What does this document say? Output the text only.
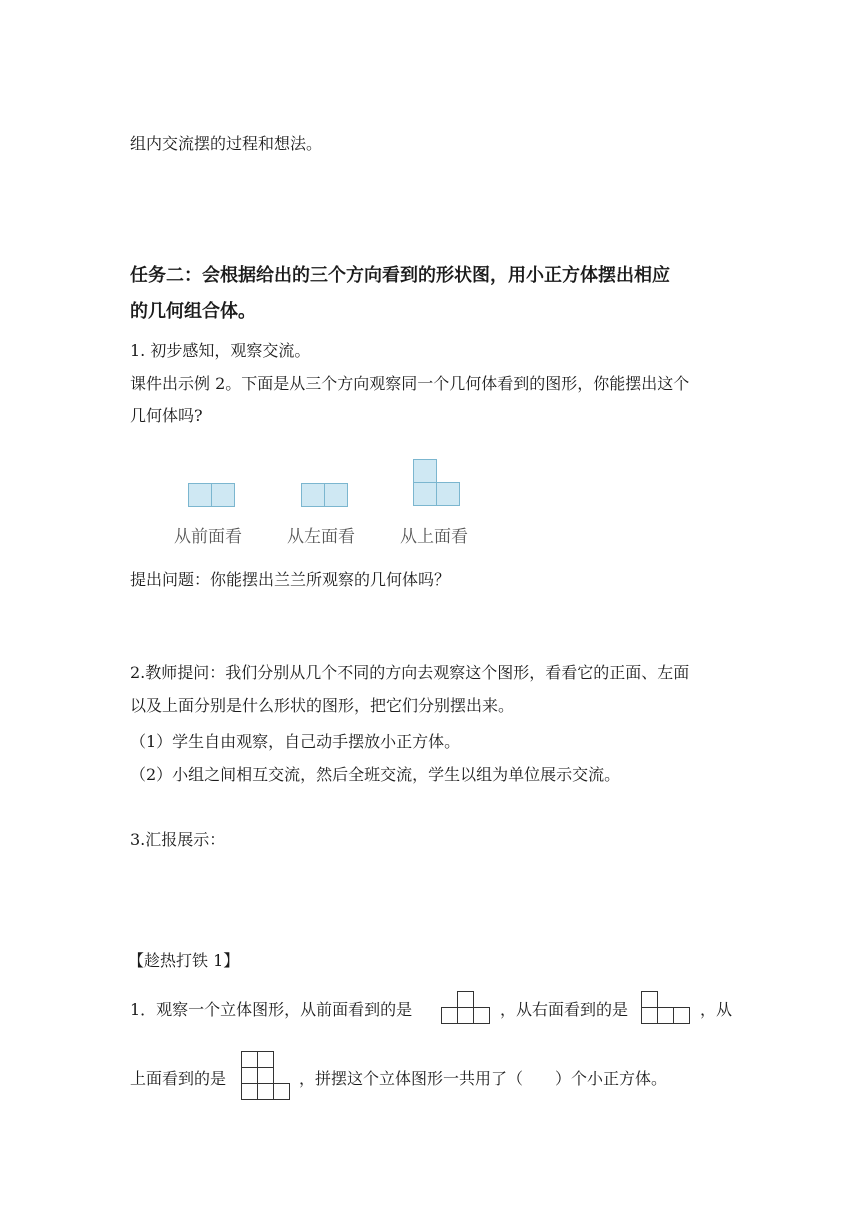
组内交流摆的过程和想法。
任务二：会根据给出的三个方向看到的形状图，用小正方体摆出相应
的几何组合体。
1. 初步感知，观察交流。
课件出示例 2。下面是从三个方向观察同一个几何体看到的图形，你能摆出这个
几何体吗?
从前面看	从左面看	从上面看
提出问题：你能摆出兰兰所观察的几何体吗？
2.教师提问：我们分别从几个不同的方向去观察这个图形，看看它的正面、左面
以及上面分别是什么形状的图形，把它们分别摆出来。
（1）学生自由观察，自己动手摆放小正方体。
（2）小组之间相互交流，然后全班交流，学生以组为单位展示交流。
3.汇报展示：
【趁热打铁 1】
1．观察一个立体图形，从前面看到的是	，从右面看到的是	，从
上面看到的是	，拼摆这个立体图形一共用了（　　）个小正方体。
